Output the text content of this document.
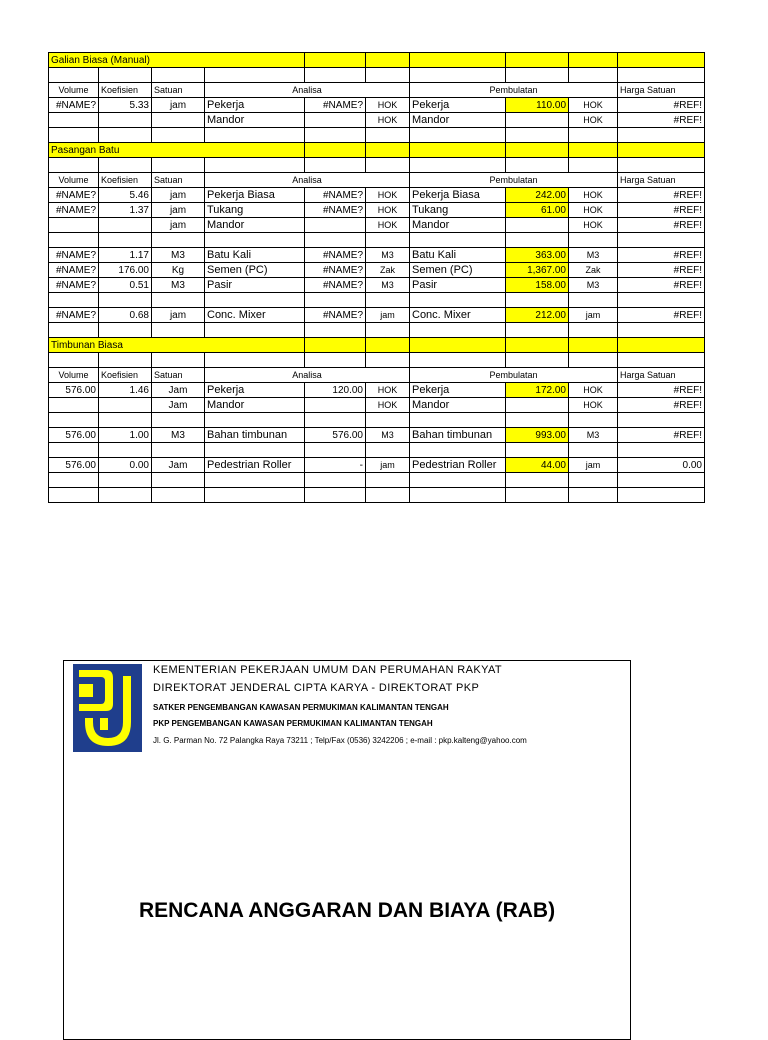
Galian Biasa (Manual)									

Volume	Koefisien	Satuan	Analisa			Pembulatan			Harga Satuan
#NAME?	5.33	jam	Pekerja	#NAME?	HOK	Pekerja	110.00	HOK	#REF!
			Mandor		HOK	Mandor		HOK	#REF!

Pasangan Batu									

Volume	Koefisien	Satuan	Analisa			Pembulatan			Harga Satuan
#NAME?	5.46	jam	Pekerja Biasa	#NAME?	HOK	Pekerja Biasa	242.00	HOK	#REF!
#NAME?	1.37	jam	Tukang	#NAME?	HOK	Tukang	61.00	HOK	#REF!
		jam	Mandor		HOK	Mandor		HOK	#REF!

#NAME?	1.17	M3	Batu Kali	#NAME?	M3	Batu Kali	363.00	M3	#REF!
#NAME?	176.00	Kg	Semen (PC)	#NAME?	Zak	Semen (PC)	1,367.00	Zak	#REF!
#NAME?	0.51	M3	Pasir	#NAME?	M3	Pasir	158.00	M3	#REF!

#NAME?	0.68	jam	Conc. Mixer	#NAME?	jam	Conc. Mixer	212.00	jam	#REF!

Timbunan Biasa									

Volume	Koefisien	Satuan	Analisa			Pembulatan			Harga Satuan
576.00	1.46	Jam	Pekerja	120.00	HOK	Pekerja	172.00	HOK	#REF!
		Jam	Mandor		HOK	Mandor		HOK	#REF!

576.00	1.00	M3	Bahan timbunan	576.00	M3	Bahan timbunan	993.00	M3	#REF!

576.00	0.00	Jam	Pedestrian Roller	-	jam	Pedestrian Roller	44.00	jam	0.00

KEMENTERIAN PEKERJAAN UMUM DAN PERUMAHAN RAKYAT
DIREKTORAT JENDERAL CIPTA KARYA - DIREKTORAT PKP
SATKER PENGEMBANGAN KAWASAN PERMUKIMAN KALIMANTAN TENGAH
PKP PENGEMBANGAN KAWASAN PERMUKIMAN KALIMANTAN TENGAH
Jl. G. Parman No. 72 Palangka Raya 73211 ; Telp/Fax (0536) 3242206 ; e-mail : pkp.kalteng@yahoo.com
RENCANA ANGGARAN DAN BIAYA (RAB)
